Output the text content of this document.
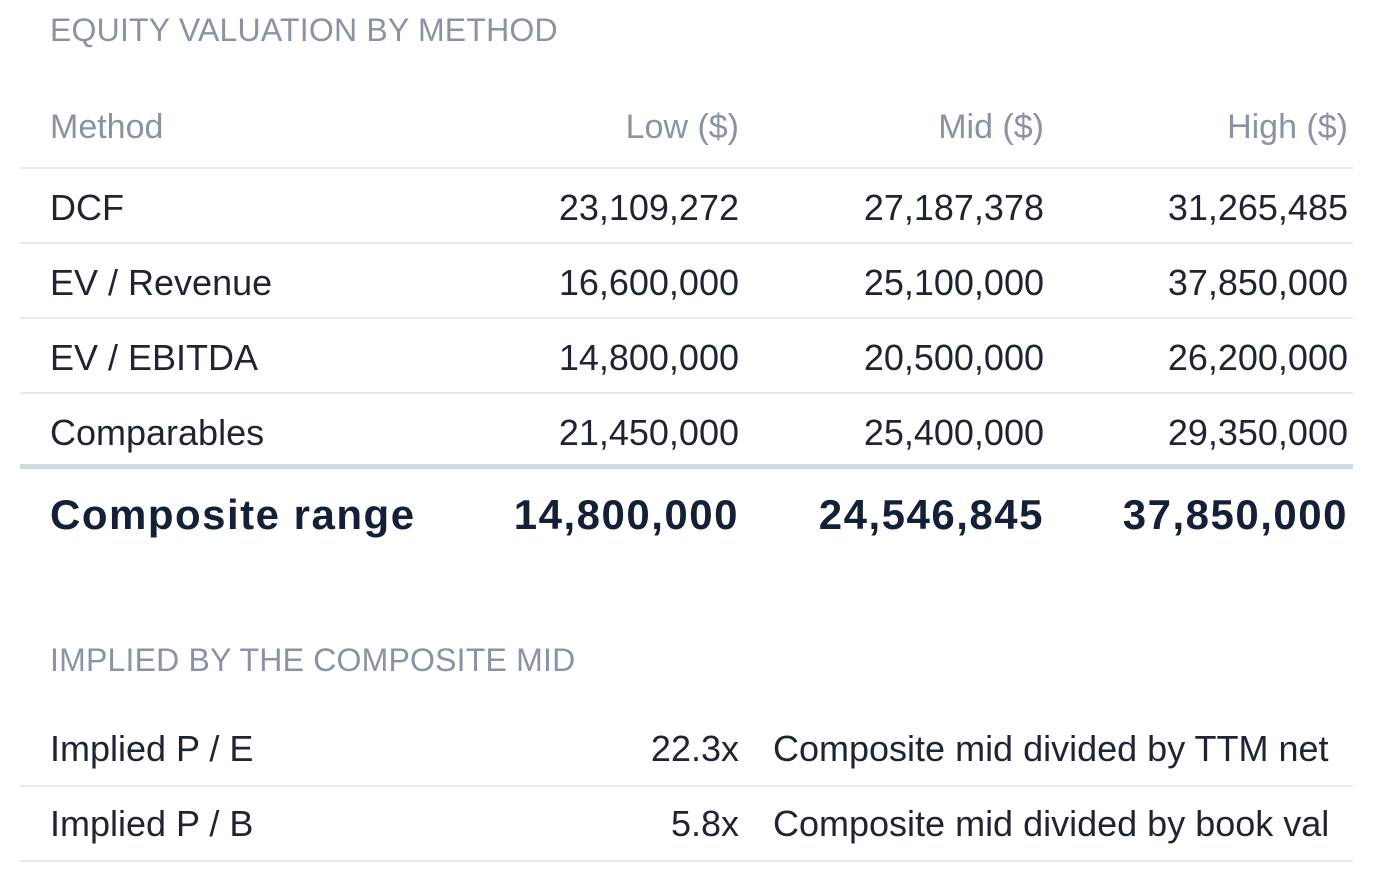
EQUITY VALUATION BY METHOD
Method	Low ($)	Mid ($)	High ($)
DCF	23,109,272	27,187,378	31,265,485
EV / Revenue	16,600,000	25,100,000	37,850,000
EV / EBITDA	14,800,000	20,500,000	26,200,000
Comparables	21,450,000	25,400,000	29,350,000
Composite range 14,800,000 24,546,845 37,850,000
IMPLIED BY THE COMPOSITE MID
Implied P / E	22.3x Composite mid divided by TTM net
Implied P / B	5.8x Composite mid divided by book val
